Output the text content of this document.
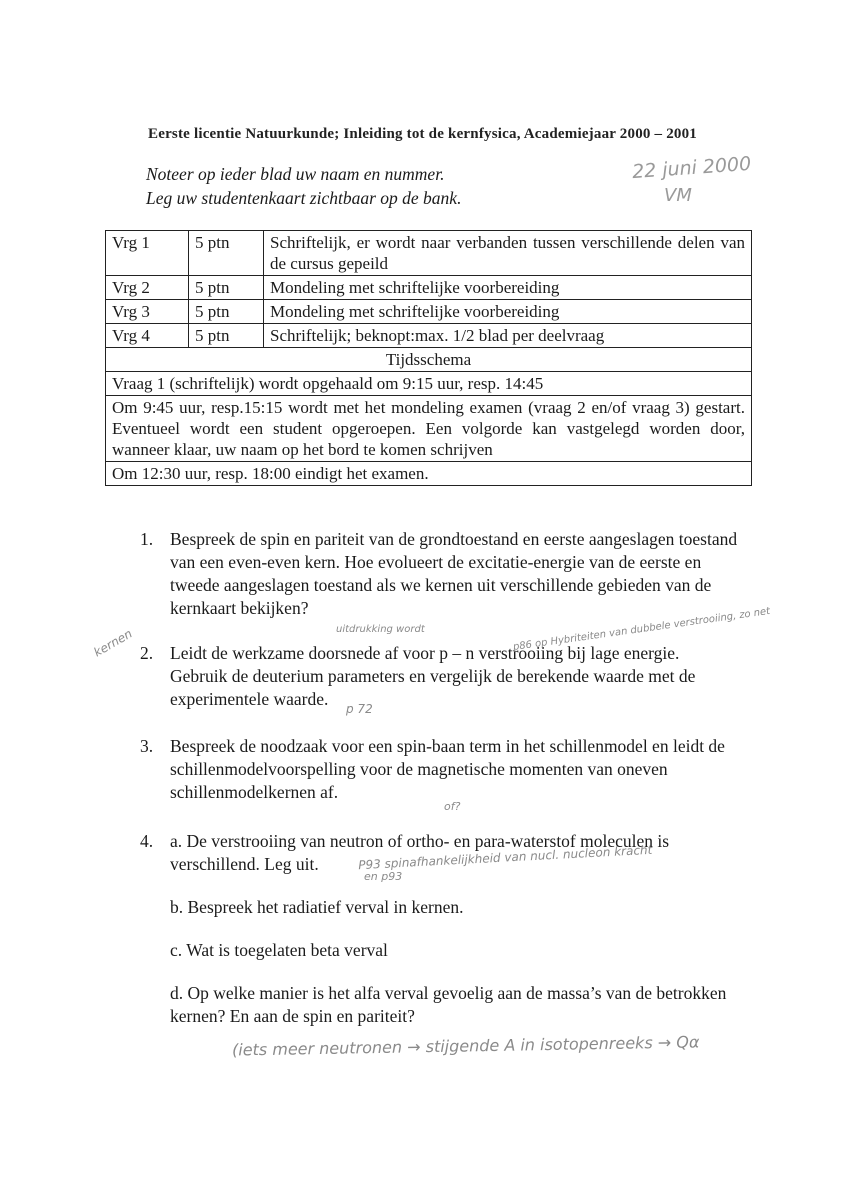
Eerste licentie Natuurkunde; Inleiding tot de kernfysica, Academiejaar 2000 – 2001
Noteer op ieder blad uw naam en nummer.
Leg uw studentenkaart zichtbaar op de bank.
22 juni 2000
VM
Vrg 1	5 ptn	Schriftelijk, er wordt naar verbanden tussen verschillende delen van de cursus gepeild
Vrg 2	5 ptn	Mondeling met schriftelijke voorbereiding
Vrg 3	5 ptn	Mondeling met schriftelijke voorbereiding
Vrg 4	5 ptn	Schriftelijk; beknopt:max. 1/2 blad per deelvraag
Tijdsschema		
Vraag 1 (schriftelijk) wordt opgehaald om 9:15 uur, resp. 14:45		
Om 9:45 uur, resp.15:15 wordt met het mondeling examen (vraag 2 en/of vraag 3) gestart. Eventueel wordt een student opgeroepen. Een volgorde kan vastgelegd worden door, wanneer klaar, uw naam op het bord te komen schrijven		
Om 12:30 uur, resp. 18:00 eindigt het examen.		
1. Bespreek de spin en pariteit van de grondtoestand en eerste aangeslagen toestand van een even-even kern. Hoe evolueert de excitatie-energie van de eerste en tweede aangeslagen toestand als we kernen uit verschillende gebieden van de kernkaart bekijken?
2. Leidt de werkzame doorsnede af voor p – n verstrooiing bij lage energie. Gebruik de deuterium parameters en vergelijk de berekende waarde met de experimentele waarde.
3. Bespreek de noodzaak voor een spin-baan term in het schillenmodel en leidt de schillenmodelvoorspelling voor de magnetische momenten van oneven schillenmodelkernen af.
4. a. De verstrooiing van neutron of ortho- en para-waterstof moleculen is verschillend. Leg uit.
b. Bespreek het radiatief verval in kernen.
c. Wat is toegelaten beta verval
d. Op welke manier is het alfa verval gevoelig aan de massa’s van de betrokken kernen? En aan de spin en pariteit?
kernen	uitdrukking wordt	p86 op Hybriteiten van dubbele verstrooiing, zo net
p 72
of?
P93 spinafhankelijkheid van nucl. nucleon kracht
en p93
(iets meer neutronen → stijgende A in isotopenreeks → Qα
